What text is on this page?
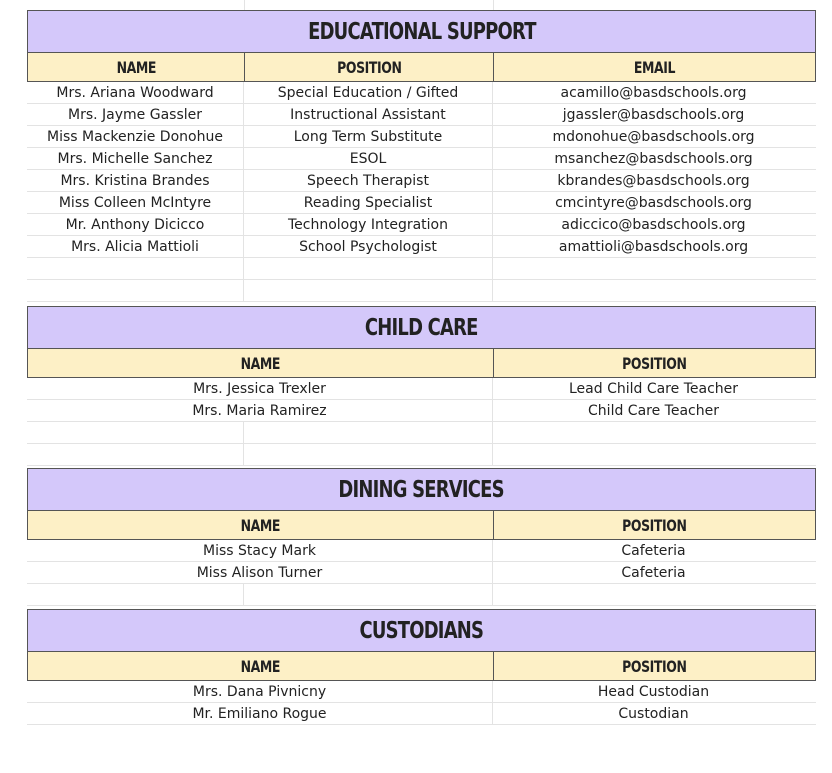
EDUCATIONAL SUPPORT
NAME	POSITION	EMAIL
Mrs. Ariana Woodward	Special Education / Gifted	acamillo@basdschools.org
Mrs. Jayme Gassler	Instructional Assistant	jgassler@basdschools.org
Miss Mackenzie Donohue	Long Term Substitute	mdonohue@basdschools.org
Mrs. Michelle Sanchez	ESOL	msanchez@basdschools.org
Mrs. Kristina Brandes	Speech Therapist	kbrandes@basdschools.org
Miss Colleen McIntyre	Reading Specialist	cmcintyre@basdschools.org
Mr. Anthony Dicicco	Technology Integration	adiccico@basdschools.org
Mrs. Alicia Mattioli	School Psychologist	amattioli@basdschools.org
CHILD CARE
NAME	POSITION
Mrs. Jessica Trexler	Lead Child Care Teacher
Mrs. Maria Ramirez	Child Care Teacher
DINING SERVICES
NAME	POSITION
Miss Stacy Mark	Cafeteria
Miss Alison Turner	Cafeteria
CUSTODIANS
NAME	POSITION
Mrs. Dana Pivnicny	Head Custodian
Mr. Emiliano Rogue	Custodian
